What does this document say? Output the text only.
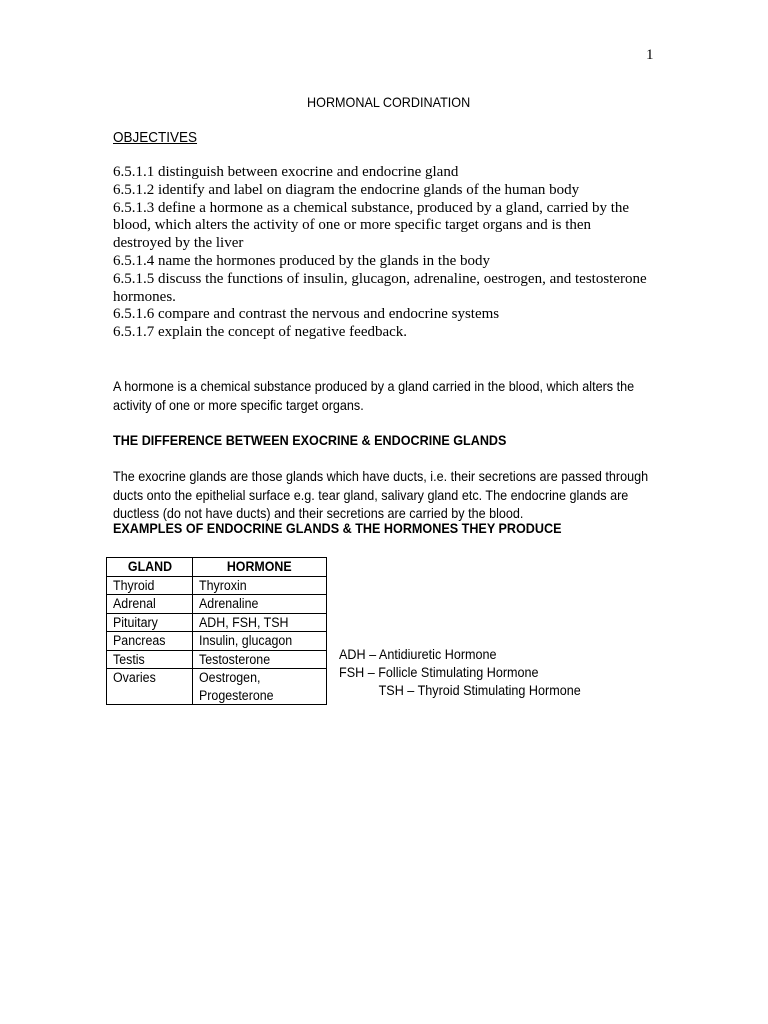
1
HORMONAL CORDINATION
OBJECTIVES
6.5.1.1 distinguish between exocrine and endocrine gland
6.5.1.2 identify and label on diagram the endocrine glands of the human body
6.5.1.3 define a hormone as a chemical substance, produced by a gland, carried by the
blood, which alters the activity of one or more specific target organs and is then
destroyed by the liver
6.5.1.4 name the hormones produced by the glands in the body
6.5.1.5 discuss the functions of insulin, glucagon, adrenaline, oestrogen, and testosterone
hormones.
6.5.1.6 compare and contrast the nervous and endocrine systems
6.5.1.7 explain the concept of negative feedback.
A hormone is a chemical substance produced by a gland carried in the blood, which alters the
activity of one or more specific target organs.
THE DIFFERENCE BETWEEN EXOCRINE & ENDOCRINE GLANDS
The exocrine glands are those glands which have ducts, i.e. their secretions are passed through
ducts onto the epithelial surface e.g. tear gland, salivary gland etc. The endocrine glands are
ductless (do not have ducts) and their secretions are carried by the blood.
EXAMPLES OF ENDOCRINE GLANDS & THE HORMONES THEY PRODUCE
GLAND	HORMONE
Thyroid	Thyroxin
Adrenal	Adrenaline
Pituitary	ADH, FSH, TSH
Pancreas	Insulin, glucagon
Testis	Testosterone
Ovaries	Oestrogen,
Progesterone
ADH – Antidiuretic Hormone
FSH – Follicle Stimulating Hormone
TSH – Thyroid Stimulating Hormone
